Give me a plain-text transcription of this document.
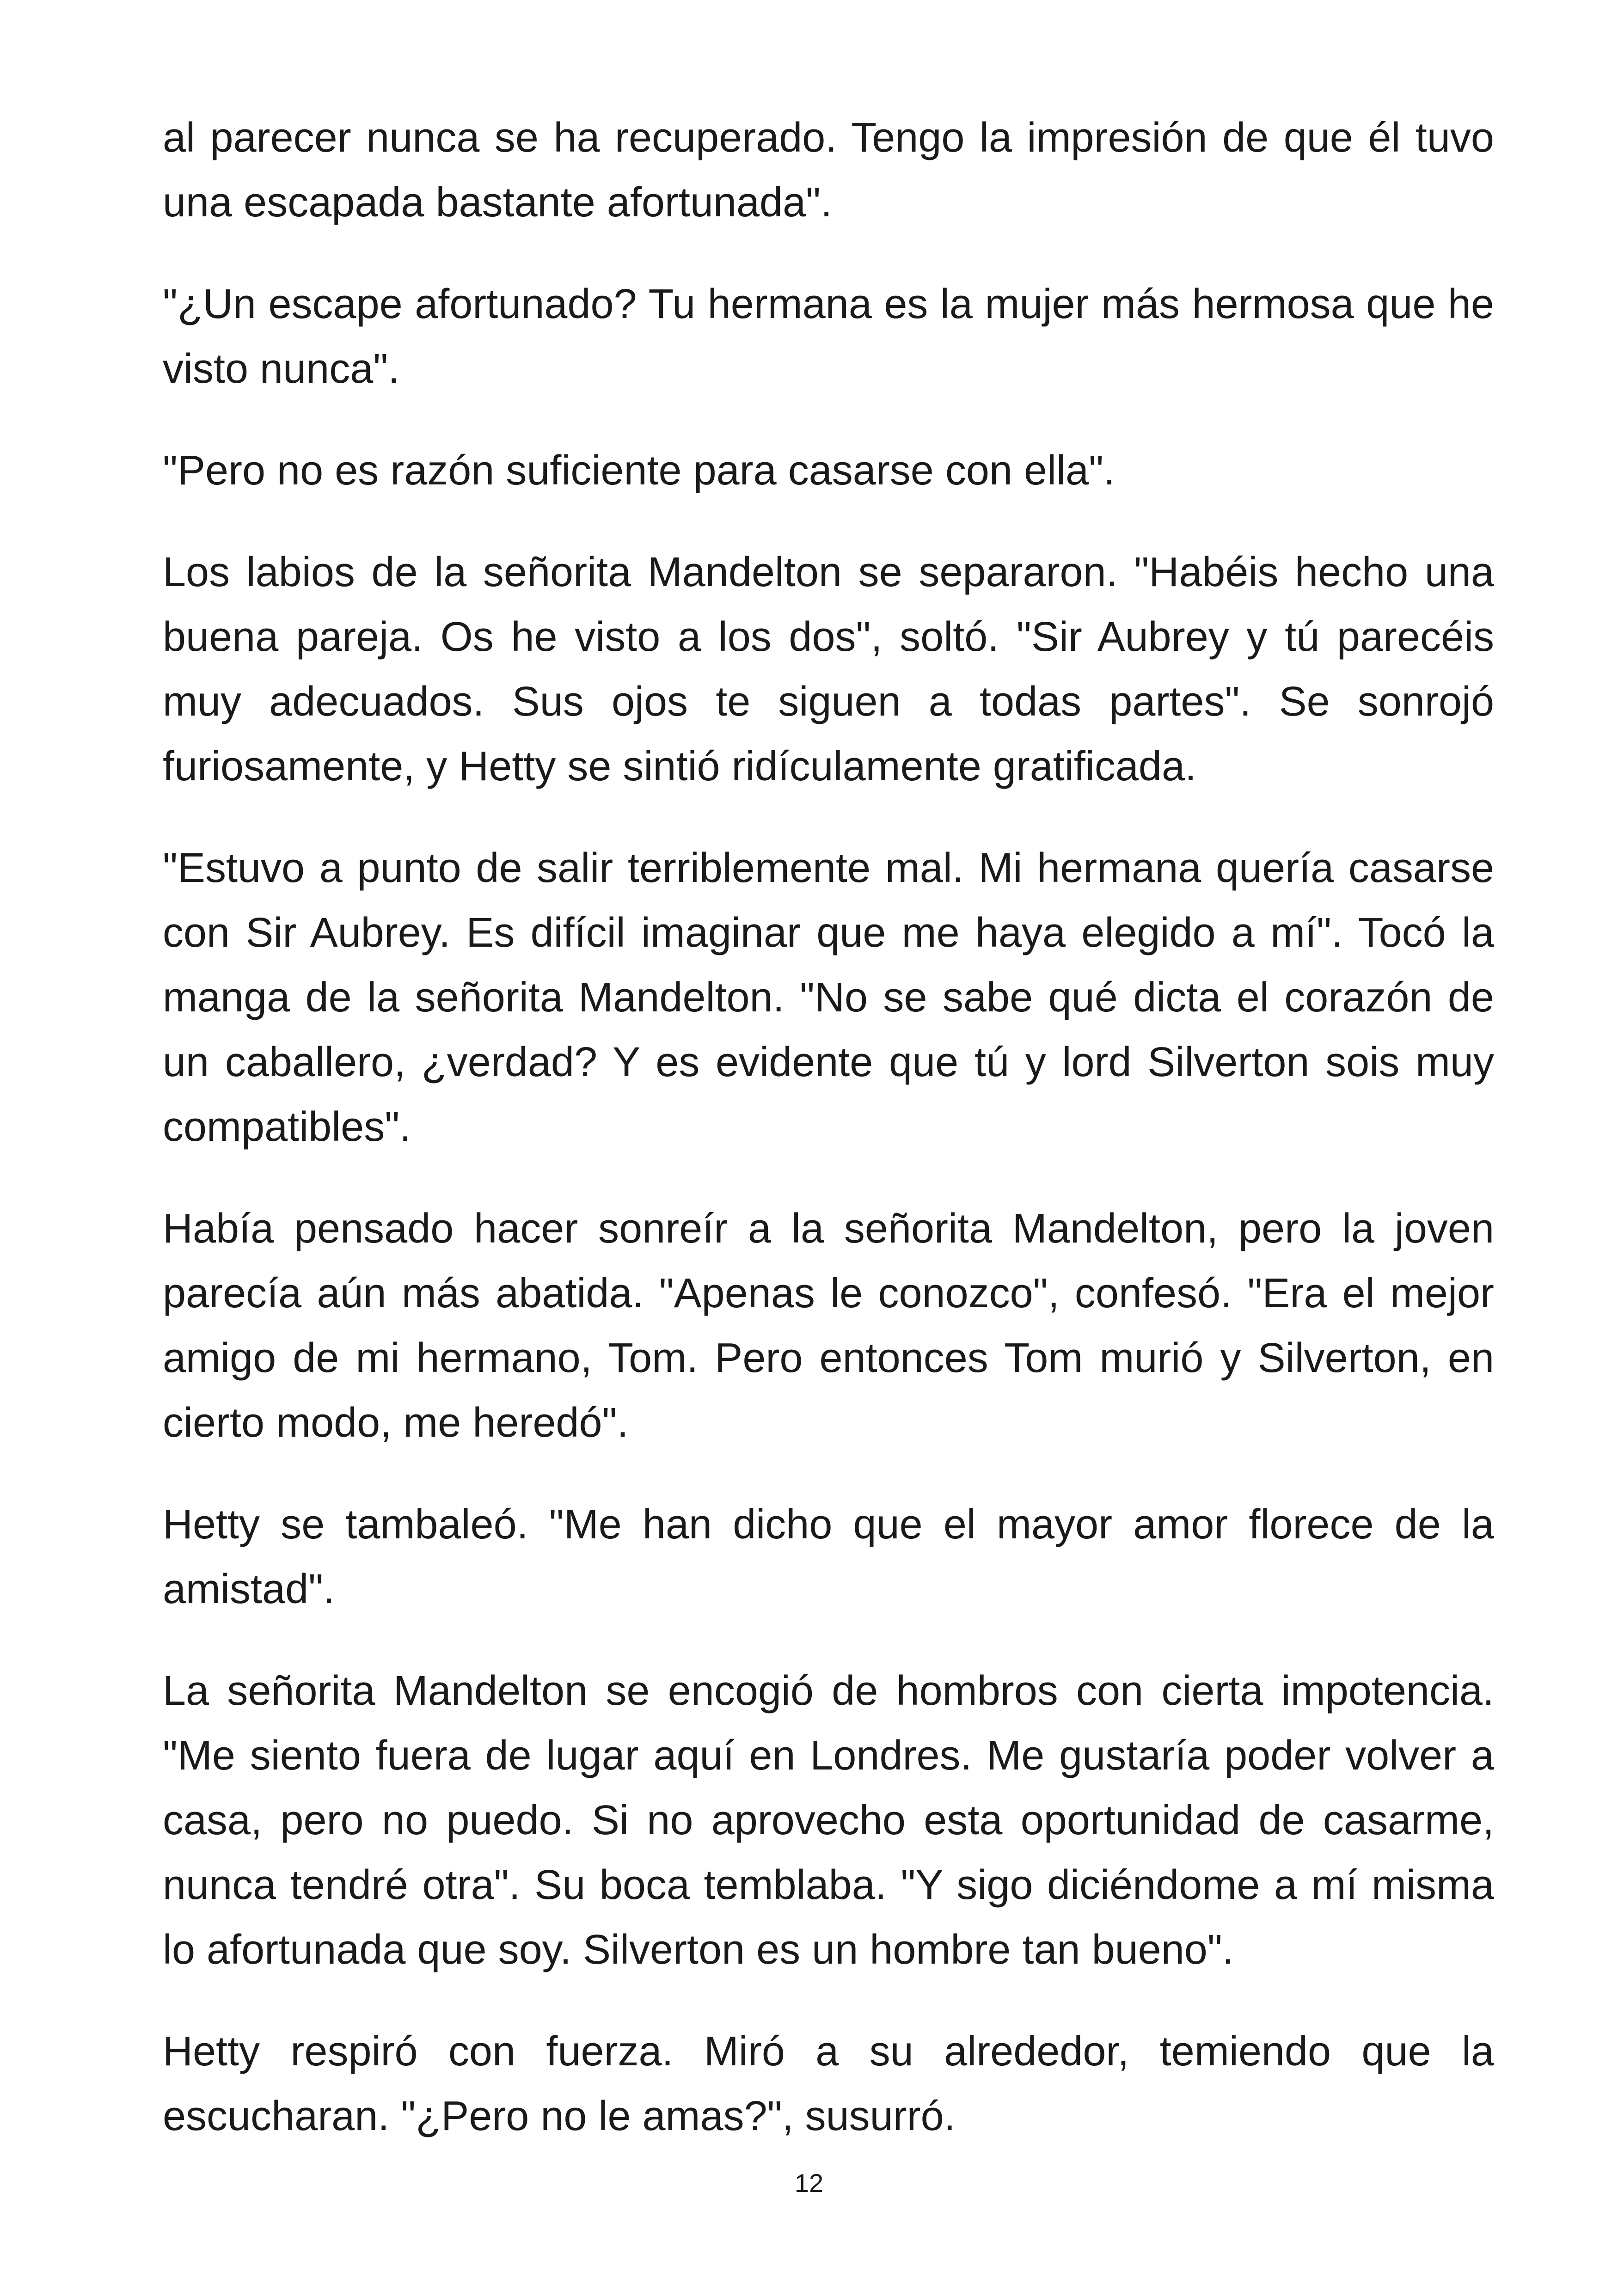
al parecer nunca se ha recuperado. Tengo la impresión de que él tuvo una escapada bastante afortunada".

"¿Un escape afortunado? Tu hermana es la mujer más hermosa que he visto nunca".

"Pero no es razón suficiente para casarse con ella".

Los labios de la señorita Mandelton se separaron. "Habéis hecho una buena pareja. Os he visto a los dos", soltó. "Sir Aubrey y tú parecéis muy adecuados. Sus ojos te siguen a todas partes". Se sonrojó furiosamente, y Hetty se sintió ridículamente gratificada.

"Estuvo a punto de salir terriblemente mal. Mi hermana quería casarse con Sir Aubrey. Es difícil imaginar que me haya elegido a mí". Tocó la manga de la señorita Mandelton. "No se sabe qué dicta el corazón de un caballero, ¿verdad? Y es evidente que tú y lord Silverton sois muy compatibles".

Había pensado hacer sonreír a la señorita Mandelton, pero la joven parecía aún más abatida. "Apenas le conozco", confesó. "Era el mejor amigo de mi hermano, Tom. Pero entonces Tom murió y Silverton, en cierto modo, me heredó".

Hetty se tambaleó. "Me han dicho que el mayor amor florece de la amistad".

La señorita Mandelton se encogió de hombros con cierta impotencia. "Me siento fuera de lugar aquí en Londres. Me gustaría poder volver a casa, pero no puedo. Si no aprovecho esta oportunidad de casarme, nunca tendré otra". Su boca temblaba. "Y sigo diciéndome a mí misma lo afortunada que soy. Silverton es un hombre tan bueno".

Hetty respiró con fuerza. Miró a su alrededor, temiendo que la escucharan. "¿Pero no le amas?", susurró.

12
